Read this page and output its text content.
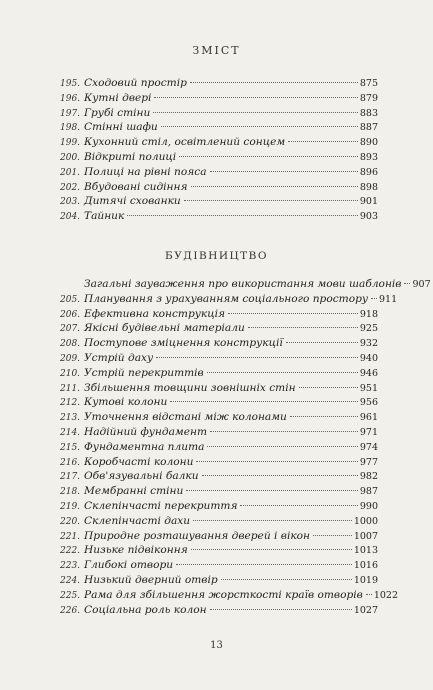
ЗМІСТ
195. Сходовий простір	875
196. Кутні двері	879
197. Грубі стіни	883
198. Стінні шафи	887
199. Кухонний стіл, освітлений сонцем	890
200. Відкриті полиці	893
201. Полиці на рівні пояса	896
202. Вбудовані сидіння	898
203. Дитячі схованки	901
204. Тайник	903
БУДІВНИЦТВО
Загальні зауваження про використання мови шаблонів 907
205. Планування з урахуванням соціального простору 911
206. Ефективна конструкція	918
207. Якісні будівельні матеріали	925
208. Поступове зміцнення конструкції	932
209. Устрій даху	940
210. Устрій перекриттів	946
211. Збільшення товщини зовнішніх стін	951
212. Кутові колони	956
213. Уточнення відстані між колонами	961
214. Надійний фундамент	971
215. Фундаментна плита	974
216. Коробчасті колони	977
217. Обв'язувальні балки	982
218. Мембранні стіни	987
219. Склепінчасті перекриття	990
220. Склепінчасті дахи	1000
221. Природне розташування дверей і вікон	1007
222. Низьке підвіконня	1013
223. Глибокі отвори	1016
224. Низький дверний отвір	1019
225. Рама для збільшення жорсткості країв отворів 1022
226. Соціальна роль колон	1027
13
